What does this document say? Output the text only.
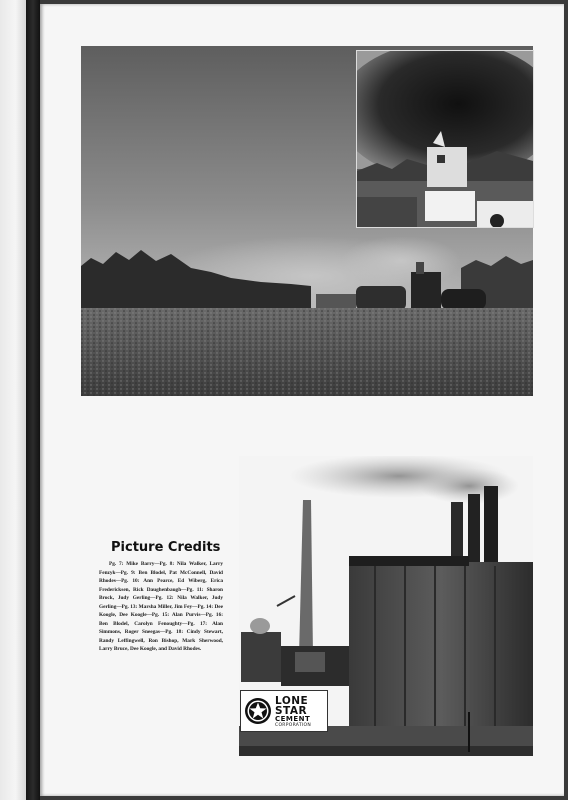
Picture Credits

Pg. 7: Mike Barry—Pg. 8: Nila Walker, Larry Fenzyk—Pg. 9: Ben Blodel, Pat McConnell, David Rhodes—Pg. 10: Ann Pearce, Ed Wiberg, Erica Fredericksen, Rick Daughenbaugh—Pg. 11: Sharon Brock, Judy Gerling—Pg. 12: Nila Walker, Judy Gerling—Pg. 13: Marsha Miller, Jim Fey—Pg. 14: Dee Koogle, Dee Koogle—Pg. 15: Alan Purvis—Pg. 16: Ben Blodel, Carolyn Fenoughty—Pg. 17: Alan Simmons, Roger Sneegas—Pg. 18: Cindy Stewart, Randy Leffingwell, Ron Bishop, Mark Sherwood, Larry Bruce, Dee Koogle, and David Rhodes.

LONE
STAR
CEMENT
CORPORATION
